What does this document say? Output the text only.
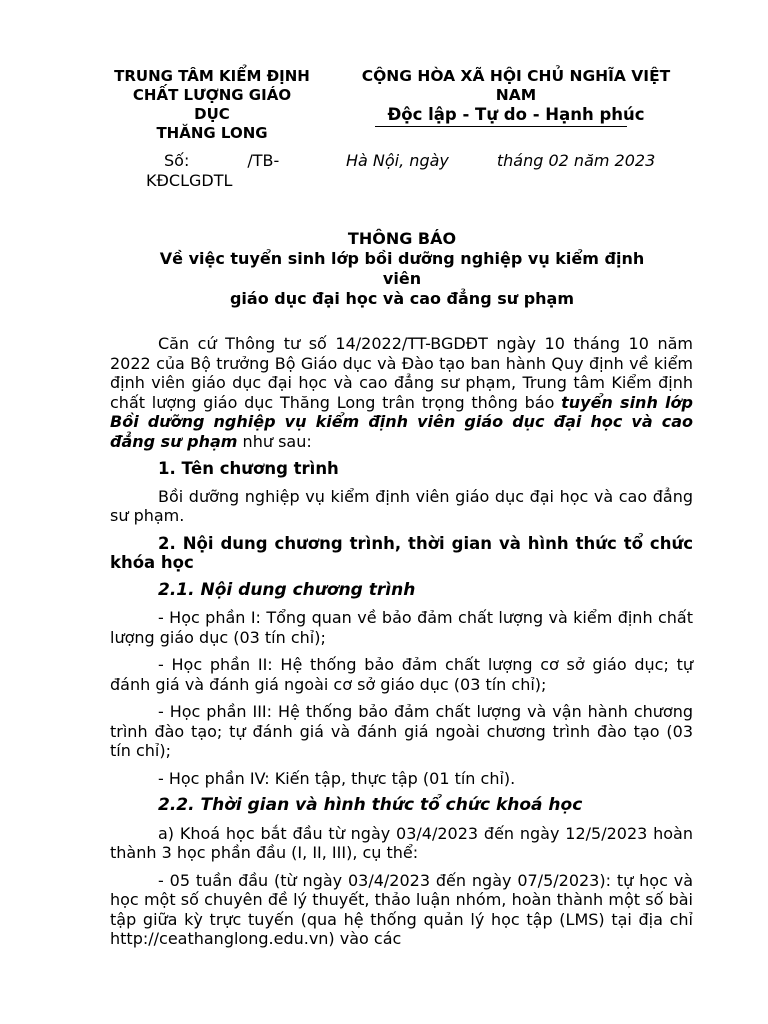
TRUNG TÂM KIỂM ĐỊNH
CHẤT LƯỢNG GIÁO
DỤC
THĂNG LONG
CỘNG HÒA XÃ HỘI CHỦ NGHĨA VIỆT
NAM
Độc lập - Tự do - Hạnh phúc
Số:	/TB-
KĐCLGDTL
Hà Nội, ngày	tháng 02 năm 2023
THÔNG BÁO
Về việc tuyển sinh lớp bồi dưỡng nghiệp vụ kiểm định
viên
giáo dục đại học và cao đẳng sư phạm

Căn cứ Thông tư số 14/2022/TT-BGDĐT ngày 10 tháng 10 năm 2022 của Bộ trưởng Bộ Giáo dục và Đào tạo ban hành Quy định về kiểm định viên giáo dục đại học và cao đẳng sư phạm, Trung tâm Kiểm định chất lượng giáo dục Thăng Long trân trọng thông báo tuyển sinh lớp Bồi dưỡng nghiệp vụ kiểm định viên giáo dục đại học và cao đẳng sư phạm như sau:

1. Tên chương trình

Bồi dưỡng nghiệp vụ kiểm định viên giáo dục đại học và cao đẳng sư phạm.

2. Nội dung chương trình, thời gian và hình thức tổ chức khóa học

2.1. Nội dung chương trình

- Học phần I: Tổng quan về bảo đảm chất lượng và kiểm định chất lượng giáo dục (03 tín chỉ);

- Học phần II: Hệ thống bảo đảm chất lượng cơ sở giáo dục; tự đánh giá và đánh giá ngoài cơ sở giáo dục (03 tín chỉ);

- Học phần III: Hệ thống bảo đảm chất lượng và vận hành chương trình đào tạo; tự đánh giá và đánh giá ngoài chương trình đào tạo (03 tín chỉ);

- Học phần IV: Kiến tập, thực tập (01 tín chỉ).

2.2. Thời gian và hình thức tổ chức khoá học

a) Khoá học bắt đầu từ ngày 03/4/2023 đến ngày 12/5/2023 hoàn thành 3 học phần đầu (I, II, III), cụ thể:

- 05 tuần đầu (từ ngày 03/4/2023 đến ngày 07/5/2023): tự học và học một số chuyên đề lý thuyết, thảo luận nhóm, hoàn thành một số bài tập giữa kỳ trực tuyến (qua hệ thống quản lý học tập (LMS) tại địa chỉ http://ceathanglong.edu.vn) vào các
